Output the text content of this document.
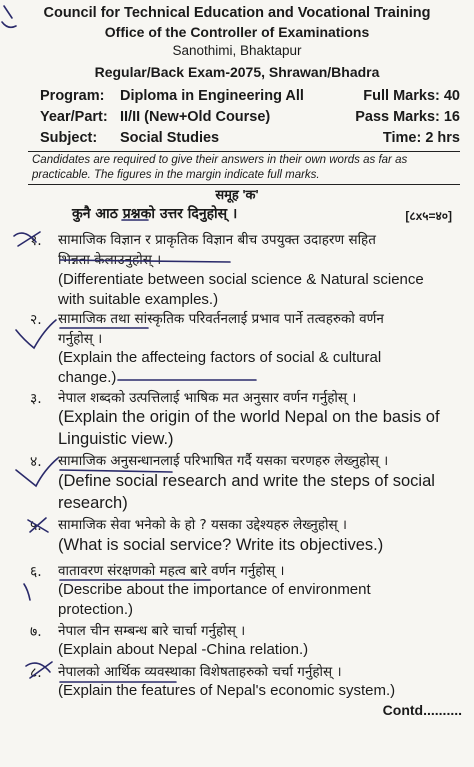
Council for Technical Education and Vocational Training
Office of the Controller of Examinations
Sanothimi, Bhaktapur
Regular/Back Exam-2075, Shrawan/Bhadra
Program: Diploma in Engineering All	Full Marks: 40
Year/Part: II/II (New+Old Course)	Pass Marks: 16
Subject: Social Studies	Time: 2 hrs
Candidates are required to give their answers in their own words as far as practicable. The figures in the margin indicate full marks.
समूह 'क'
कुनै आठ प्रश्नको उत्तर दिनुहोस् ।	[८x५=४०]
१. सामाजिक विज्ञान र प्राकृतिक विज्ञान बीच उपयुक्त उदाहरण सहित
भिन्नता केलाउनुहोस् ।
(Differentiate between social science & Natural science
with suitable examples.)
२. सामाजिक तथा सांस्कृतिक परिवर्तनलाई प्रभाव पार्ने तत्वहरुको वर्णन
गर्नुहोस् ।
(Explain the affecteing factors of social & cultural
change.)
३. नेपाल शब्दको उत्पत्तिलाई भाषिक मत अनुसार वर्णन गर्नुहोस् ।
(Explain the origin of the world Nepal on the basis of
Linguistic view.)
४. सामाजिक अनुसन्धानलाई परिभाषित गर्दै यसका चरणहरु लेख्नुहोस् ।
(Define social research and write the steps of social
research)
५. सामाजिक सेवा भनेको के हो ? यसका उद्देश्यहरु लेख्नुहोस् ।
(What is social service? Write its objectives.)
६. वातावरण संरक्षणको महत्व बारे वर्णन गर्नुहोस् ।
(Describe about the importance of environment
protection.)
७. नेपाल चीन सम्बन्ध बारे चार्चा गर्नुहोस् ।
(Explain about Nepal -China relation.)
८. नेपालको आर्थिक व्यवस्थाका विशेषताहरुको चर्चा गर्नुहोस् ।
(Explain the features of Nepal's economic system.)
Contd..........
